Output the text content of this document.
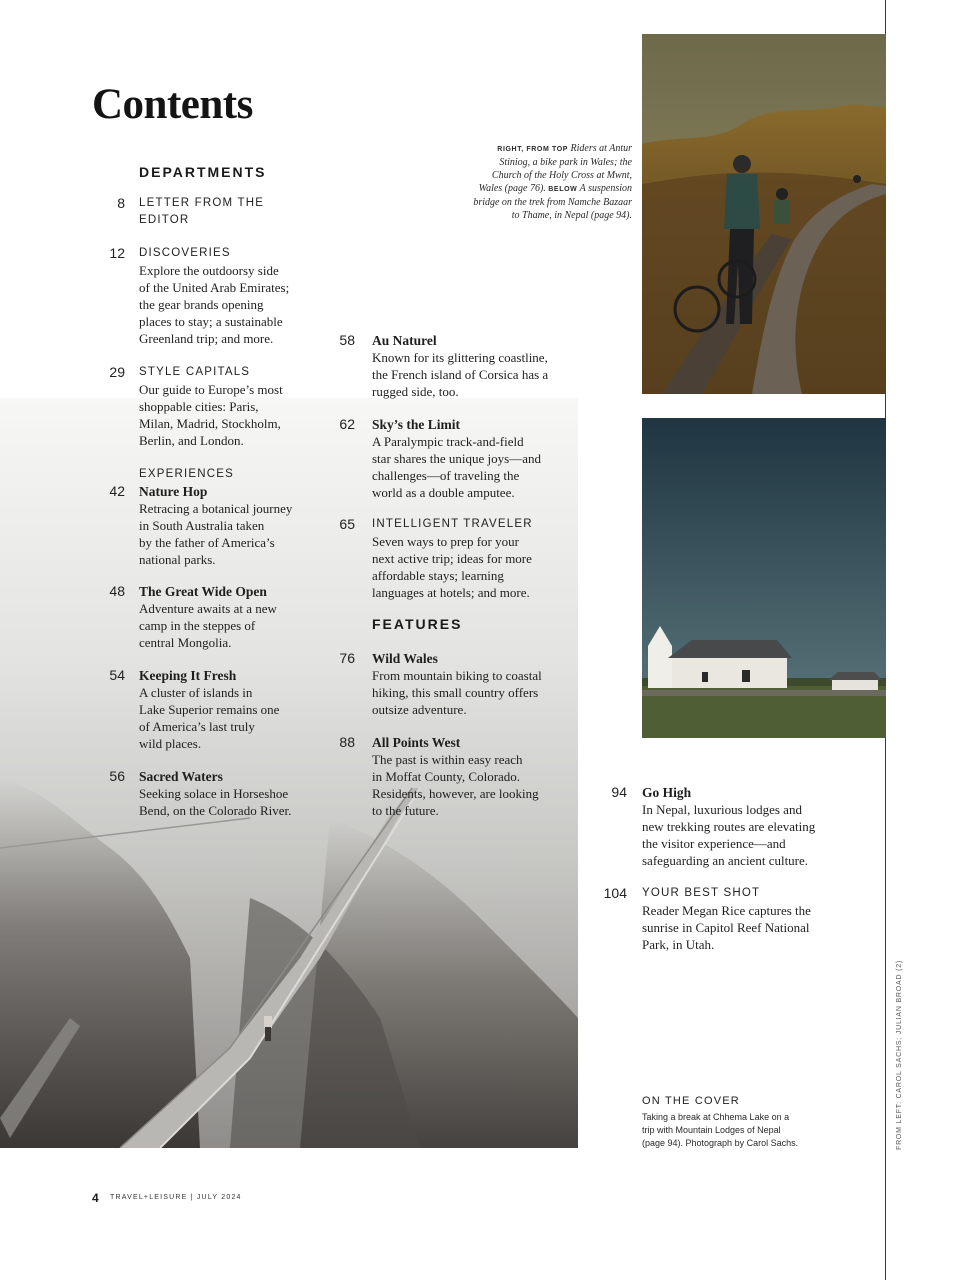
Contents
RIGHT, FROM TOP Riders at Antur Stiniog, a bike park in Wales; the Church of the Holy Cross at Mwnt, Wales (page 76). BELOW A suspension bridge on the trek from Namche Bazaar to Thame, in Nepal (page 94).
DEPARTMENTS
8 LETTER FROM THE EDITOR
12 DISCOVERIES
Explore the outdoorsy side
of the United Arab Emirates;
the gear brands opening
places to stay; a sustainable
Greenland trip; and more.
29 STYLE CAPITALS
Our guide to Europe’s most
shoppable cities: Paris,
Milan, Madrid, Stockholm,
Berlin, and London.
EXPERIENCES
42 Nature Hop
Retracing a botanical journey
in South Australia taken
by the father of America’s
national parks.
48 The Great Wide Open
Adventure awaits at a new
camp in the steppes of
central Mongolia.
54 Keeping It Fresh
A cluster of islands in
Lake Superior remains one
of America’s last truly
wild places.
56 Sacred Waters
Seeking solace in Horseshoe
Bend, on the Colorado River.
58 Au Naturel
Known for its glittering coastline,
the French island of Corsica has a
rugged side, too.
62 Sky’s the Limit
A Paralympic track-and-field
star shares the unique joys—and
challenges—of traveling the
world as a double amputee.
65 INTELLIGENT TRAVELER
Seven ways to prep for your
next active trip; ideas for more
affordable stays; learning
languages at hotels; and more.
FEATURES
76 Wild Wales
From mountain biking to coastal
hiking, this small country offers
outsize adventure.
88 All Points West
The past is within easy reach
in Moffat County, Colorado.
Residents, however, are looking
to the future.
94 Go High
In Nepal, luxurious lodges and
new trekking routes are elevating
the visitor experience—and
safeguarding an ancient culture.
104 YOUR BEST SHOT
Reader Megan Rice captures the
sunrise in Capitol Reef National
Park, in Utah.
ON THE COVER
Taking a break at Chhema Lake on a
trip with Mountain Lodges of Nepal
(page 94). Photograph by Carol Sachs.	FROM LEFT: CAROL SACHS; JULIAN BROAD (2)
4 TRAVEL+LEISURE | JULY 2024
